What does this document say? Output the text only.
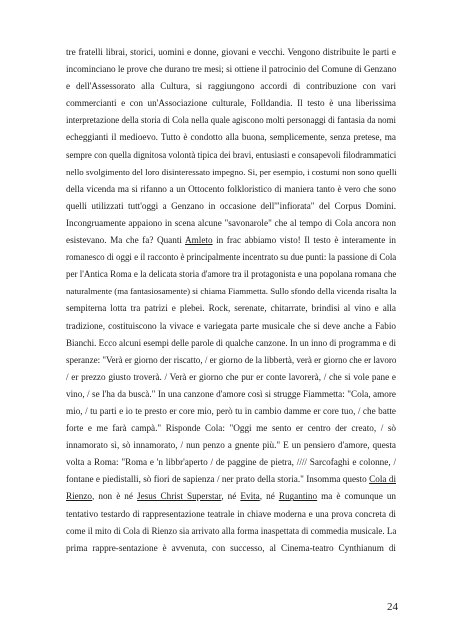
tre fratelli librai, storici, uomini e donne, giovani e vecchi. Vengono distribuite le parti e
incominciano le prove che durano tre mesi; si ottiene il patrocinio del Comune di Genzano
e dell'Assessorato alla Cultura, si raggiungono accordi di contribuzione con vari
commercianti e con un'Associazione culturale, Folldandia. Il testo è una liberissima
interpretazione della storia di Cola nella quale agiscono molti personaggi di fantasia da nomi
echeggianti il medioevo. Tutto è condotto alla buona, semplicemente, senza pretese, ma
sempre con quella dignitosa volontà tipica dei bravi, entusiasti e consapevoli filodrammatici
nello svolgimento del loro disinteressato impegno. Si, per esempio, i costumi non sono quelli
della vicenda ma si rifanno a un Ottocento folkloristico di maniera tanto è vero che sono
quelli utilizzati tutt'oggi a Genzano in occasione dell'"infiorata" del Corpus Domini.
Incongruamente appaiono in scena alcune "savonarole" che al tempo di Cola ancora non
esistevano. Ma che fa? Quanti Amleto in frac abbiamo visto! Il testo è interamente in
romanesco di oggi e il racconto è principalmente incentrato su due punti: la passione di Cola
per l'Antica Roma e la delicata storia d'amore tra il protagonista e una popolana romana che
naturalmente (ma fantasiosamente) si chiama Fiammetta. Sullo sfondo della vicenda risalta la
sempiterna lotta tra patrizi e plebei. Rock, serenate, chitarrate, brindisi al vino e alla
tradizione, costituiscono la vivace e variegata parte musicale che si deve anche a Fabio
Bianchi. Ecco alcuni esempi delle parole di qualche canzone. In un inno di programma e di
speranze: "Verà er giorno der riscatto, / er giorno de la libbertà, verà er giorno che er lavoro
/ er prezzo giusto troverà. / Verà er giorno che pur er conte lavorerà, / che si vole pane e
vino, / se l'ha da buscà." In una canzone d'amore così si strugge Fiammetta: "Cola, amore
mio, / tu parti e io te presto er core mio, però tu in cambio damme er core tuo, / che batte
forte e me farà campà." Risponde Cola: "Oggi me sento er centro der creato, / sò
innamorato sì, sò innamorato, / nun penzo a gnente più." E un pensiero d'amore, questa
volta a Roma: "Roma e 'n libbr'aperto / de paggine de pietra, //// Sarcofaghi e colonne, /
fontane e piedistalli, sò fiori de sapienza / ner prato della storia." Insomma questo Cola di
Rienzo, non è né Jesus Christ Superstar, né Evita, né Rugantino ma è comunque un
tentativo testardo di rappresentazione teatrale in chiave moderna e una prova concreta di
come il mito di Cola di Rienzo sia arrivato alla forma inaspettata di commedia musicale. La
prima rappre-sentazione è avvenuta, con successo, al Cinema-teatro Cynthianum di
24
